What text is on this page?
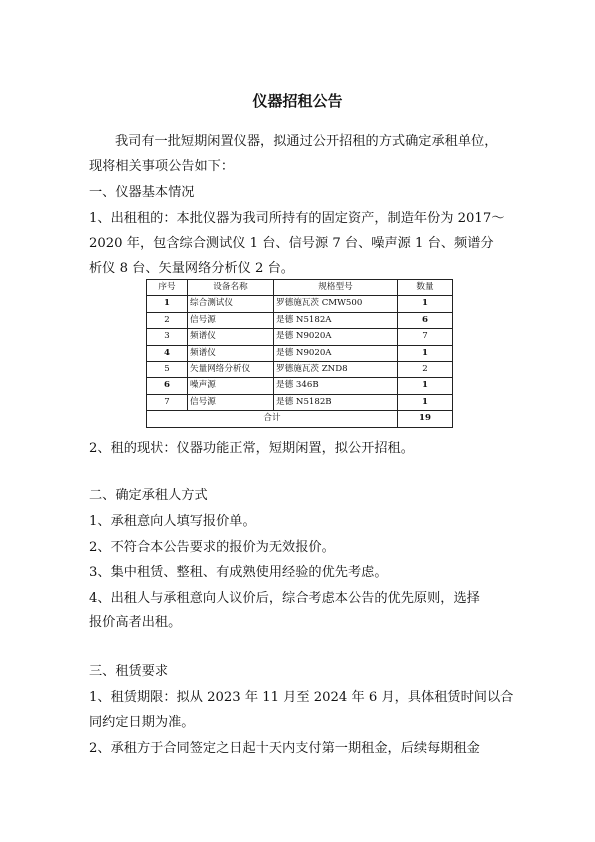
仪器招租公告
我司有一批短期闲置仪器，拟通过公开招租的方式确定承租单位，
现将相关事项公告如下：
一、仪器基本情况
1、出租租的：本批仪器为我司所持有的固定资产，制造年份为 2017～
2020 年，包含综合测试仪 1 台、信号源 7 台、噪声源 1 台、频谱分
析仪 8 台、矢量网络分析仪 2 台。
序号	设备名称	规格型号	数量
1	综合测试仪	罗德施瓦茨 CMW500	1
2	信号源	是德 N5182A	6
3	频谱仪	是德 N9020A	7
4	频谱仪	是德 N9020A	1
5	矢量网络分析仪	罗德施瓦茨 ZND8	2
6	噪声源	是德 346B	1
7	信号源	是德 N5182B	1
合计			19
2、租的现状：仪器功能正常，短期闲置，拟公开招租。
二、确定承租人方式
1、承租意向人填写报价单。
2、不符合本公告要求的报价为无效报价。
3、集中租赁、整租、有成熟使用经验的优先考虑。
4、出租人与承租意向人议价后，综合考虑本公告的优先原则，选择
报价高者出租。
三、租赁要求
1、租赁期限：拟从 2023 年 11 月至 2024 年 6 月，具体租赁时间以合
同约定日期为准。
2、承租方于合同签定之日起十天内支付第一期租金，后续每期租金
